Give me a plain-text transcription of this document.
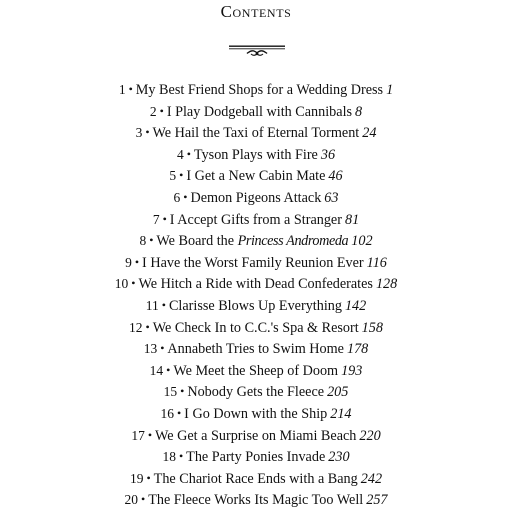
Contents
1 • My Best Friend Shops for a Wedding Dress 1
2 • I Play Dodgeball with Cannibals 8
3 • We Hail the Taxi of Eternal Torment 24
4 • Tyson Plays with Fire 36
5 • I Get a New Cabin Mate 46
6 • Demon Pigeons Attack 63
7 • I Accept Gifts from a Stranger 81
8 • We Board the Princess Andromeda 102
9 • I Have the Worst Family Reunion Ever 116
10 • We Hitch a Ride with Dead Confederates 128
11 • Clarisse Blows Up Everything 142
12 • We Check In to C.C.'s Spa & Resort 158
13 • Annabeth Tries to Swim Home 178
14 • We Meet the Sheep of Doom 193
15 • Nobody Gets the Fleece 205
16 • I Go Down with the Ship 214
17 • We Get a Surprise on Miami Beach 220
18 • The Party Ponies Invade 230
19 • The Chariot Race Ends with a Bang 242
20 • The Fleece Works Its Magic Too Well 257
